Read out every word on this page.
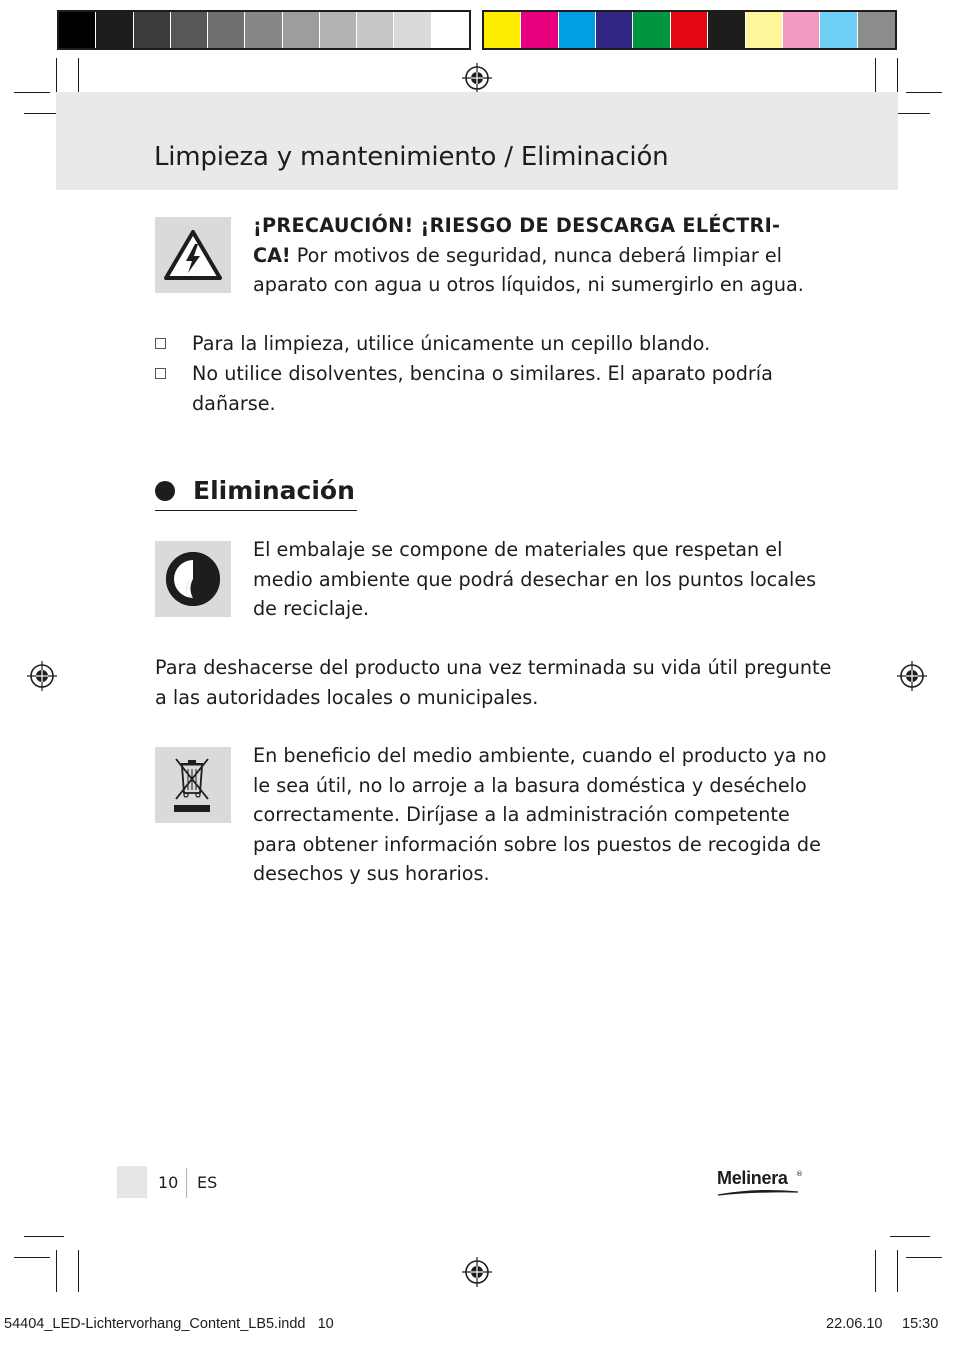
Limpieza y mantenimiento / Eliminación
¡PRECAUCIÓN! ¡RIESGO DE DESCARGA ELÉCTRI-
CA! Por motivos de seguridad, nunca deberá limpiar el
aparato con agua u otros líquidos, ni sumergirlo en agua.
Para la limpieza, utilice únicamente un cepillo blando.
No utilice disolventes, bencina o similares. El aparato podría
dañarse.
Eliminación
El embalaje se compone de materiales que respetan el
medio ambiente que podrá desechar en los puntos locales
de reciclaje.
Para deshacerse del producto una vez terminada su vida útil pregunte
a las autoridades locales o municipales.
En beneficio del medio ambiente, cuando el producto ya no
le sea útil, no lo arroje a la basura doméstica y deséchelo
correctamente. Diríjase a la administración competente
para obtener información sobre los puestos de recogida de
desechos y sus horarios.
10 ES	Melinera ®
54404_LED-Lichtervorhang_Content_LB5.indd   10	22.06.10 15:30
